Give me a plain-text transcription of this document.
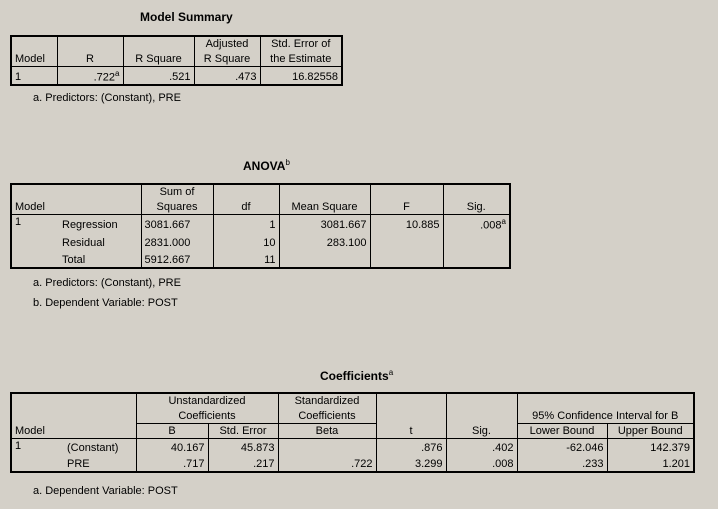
Model Summary
Model	R	R Square	Adjusted	Std. Error of
			R Square	the Estimate
1	.722$^a$	.521	.473	16.82558
a. Predictors: (Constant), PRE
ANOVA$^b$
Model		Sum of	df	Mean Square	F	Sig.
		Squares				
1	Regression	3081.667	1	3081.667	10.885	.008$^a$
	Residual	2831.000	10	283.100		
	Total	5912.667	11			
a. Predictors: (Constant), PRE
b. Dependent Variable: POST
Coefficients$^a$
Model		Unstandardized		Standardized	t	Sig.	95% Confidence Interval for B	
		Coefficients		Coefficients				
		B	Std. Error	Beta			Lower Bound	Upper Bound
1	(Constant)	40.167	45.873		.876	.402	-62.046	142.379
	PRE	.717	.217	.722	3.299	.008	.233	1.201
a. Dependent Variable: POST
